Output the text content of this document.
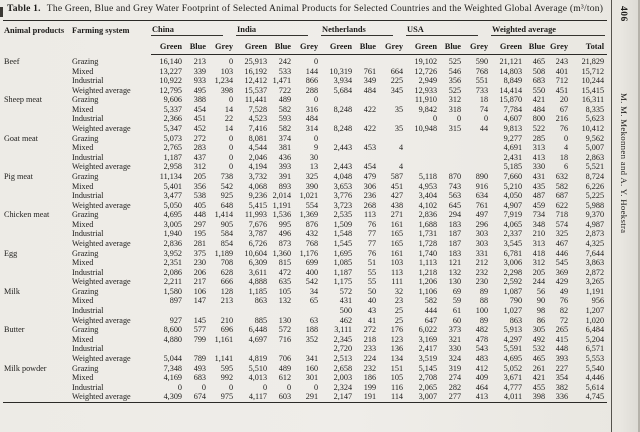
Table 1. The Green, Blue and Grey Water Footprint of Selected Animal Products for Selected Countries and the Weighted Global Average (m³/ton)

Animal products	Farming system	China			India			Netherlands			USA			Weighted average			

		Green	Blue	Grey	Green	Blue	Grey	Green	Blue	Grey	Green	Blue	Grey	Green	Blue	Grey	Total
Beef	Grazing	16,140	213	0	25,913	242	0				19,102	525	590	21,121	465	243	21,829
	Mixed	13,227	339	103	16,192	533	144	10,319	761	664	12,726	546	768	14,803	508	401	15,712
	Industrial	10,922	933	1,234	12,412	1,471	866	3,934	349	225	2,949	356	551	8,849	683	712	10,244
	Weighted average	12,795	495	398	15,537	722	288	5,684	484	345	12,933	525	733	14,414	550	451	15,415
Sheep meat	Grazing	9,606	388	0	11,441	489	0				11,910	312	18	15,870	421	20	16,311
	Mixed	5,337	454	14	7,528	582	316	8,248	422	35	9,842	318	74	7,784	484	67	8,335
	Industrial	2,366	451	22	4,523	593	484				0	0	0	4,607	800	216	5,623
	Weighted average	5,347	452	14	7,416	582	314	8,248	422	35	10,948	315	44	9,813	522	76	10,412
Goat meat	Grazing	5,073	272	0	8,081	374	0							9,277	285	0	9,562
	Mixed	2,765	283	0	4,544	381	9	2,443	453	4				4,691	313	4	5,007
	Industrial	1,187	437	0	2,046	436	30							2,431	413	18	2,863
	Weighted average	2,958	312	0	4,194	393	13	2,443	454	4				5,185	330	6	5,521
Pig meat	Grazing	11,134	205	738	3,732	391	325	4,048	479	587	5,118	870	890	7,660	431	632	8,724
	Mixed	5,401	356	542	4,068	893	390	3,653	306	451	4,953	743	916	5,210	435	582	6,226
	Industrial	3,477	538	925	9,236	2,014	1,021	3,776	236	427	3,404	563	634	4,050	487	687	5,225
	Weighted average	5,050	405	648	5,415	1,191	554	3,723	268	438	4,102	645	761	4,907	459	622	5,988
Chicken meat	Grazing	4,695	448	1,414	11,993	1,536	1,369	2,535	113	271	2,836	294	497	7,919	734	718	9,370
	Mixed	3,005	297	905	7,676	995	876	1,509	76	161	1,688	183	296	4,065	348	574	4,987
	Industrial	1,940	195	584	3,787	496	432	1,548	77	165	1,731	187	303	2,337	210	325	2,873
	Weighted average	2,836	281	854	6,726	873	768	1,545	77	165	1,728	187	303	3,545	313	467	4,325
Egg	Grazing	3,952	375	1,189	10,604	1,360	1,176	1,695	76	161	1,740	183	331	6,781	418	446	7,644
	Mixed	2,351	230	708	6,309	815	699	1,085	51	103	1,113	121	212	3,006	312	545	3,863
	Industrial	2,086	206	628	3,611	472	400	1,187	55	113	1,218	132	232	2,298	205	369	2,872
	Weighted average	2,211	217	666	4,888	635	542	1,175	55	111	1,206	130	230	2,592	244	429	3,265
Milk	Grazing	1,580	106	128	1,185	105	34	572	50	32	1,106	69	89	1,087	56	49	1,191
	Mixed	897	147	213	863	132	65	431	40	23	582	59	88	790	90	76	956
	Industrial							500	43	25	444	61	100	1,027	98	82	1,207
	Weighted average	927	145	210	885	130	63	462	41	25	647	60	89	863	86	72	1,020
Butter	Grazing	8,600	577	696	6,448	572	188	3,111	272	176	6,022	373	482	5,913	305	265	6,484
	Mixed	4,880	799	1,161	4,697	716	352	2,345	218	123	3,169	321	478	4,297	492	415	5,204
	Industrial							2,720	233	136	2,417	330	543	5,591	532	448	6,571
	Weighted average	5,044	789	1,141	4,819	706	341	2,513	224	134	3,519	324	483	4,695	465	393	5,553
Milk powder	Grazing	7,348	493	595	5,510	489	160	2,658	232	151	5,145	319	412	5,052	261	227	5,540
	Mixed	4,169	683	992	4,013	612	301	2,003	186	105	2,708	274	409	3,671	421	354	4,446
	Industrial	0	0	0	0	0	0	2,324	199	116	2,065	282	464	4,777	455	382	5,614
	Weighted average	4,309	674	975	4,117	603	291	2,147	191	114	3,007	277	413	4,011	398	336	4,745
406
M. M. Mekonnen and A. Y. Hoekstra
